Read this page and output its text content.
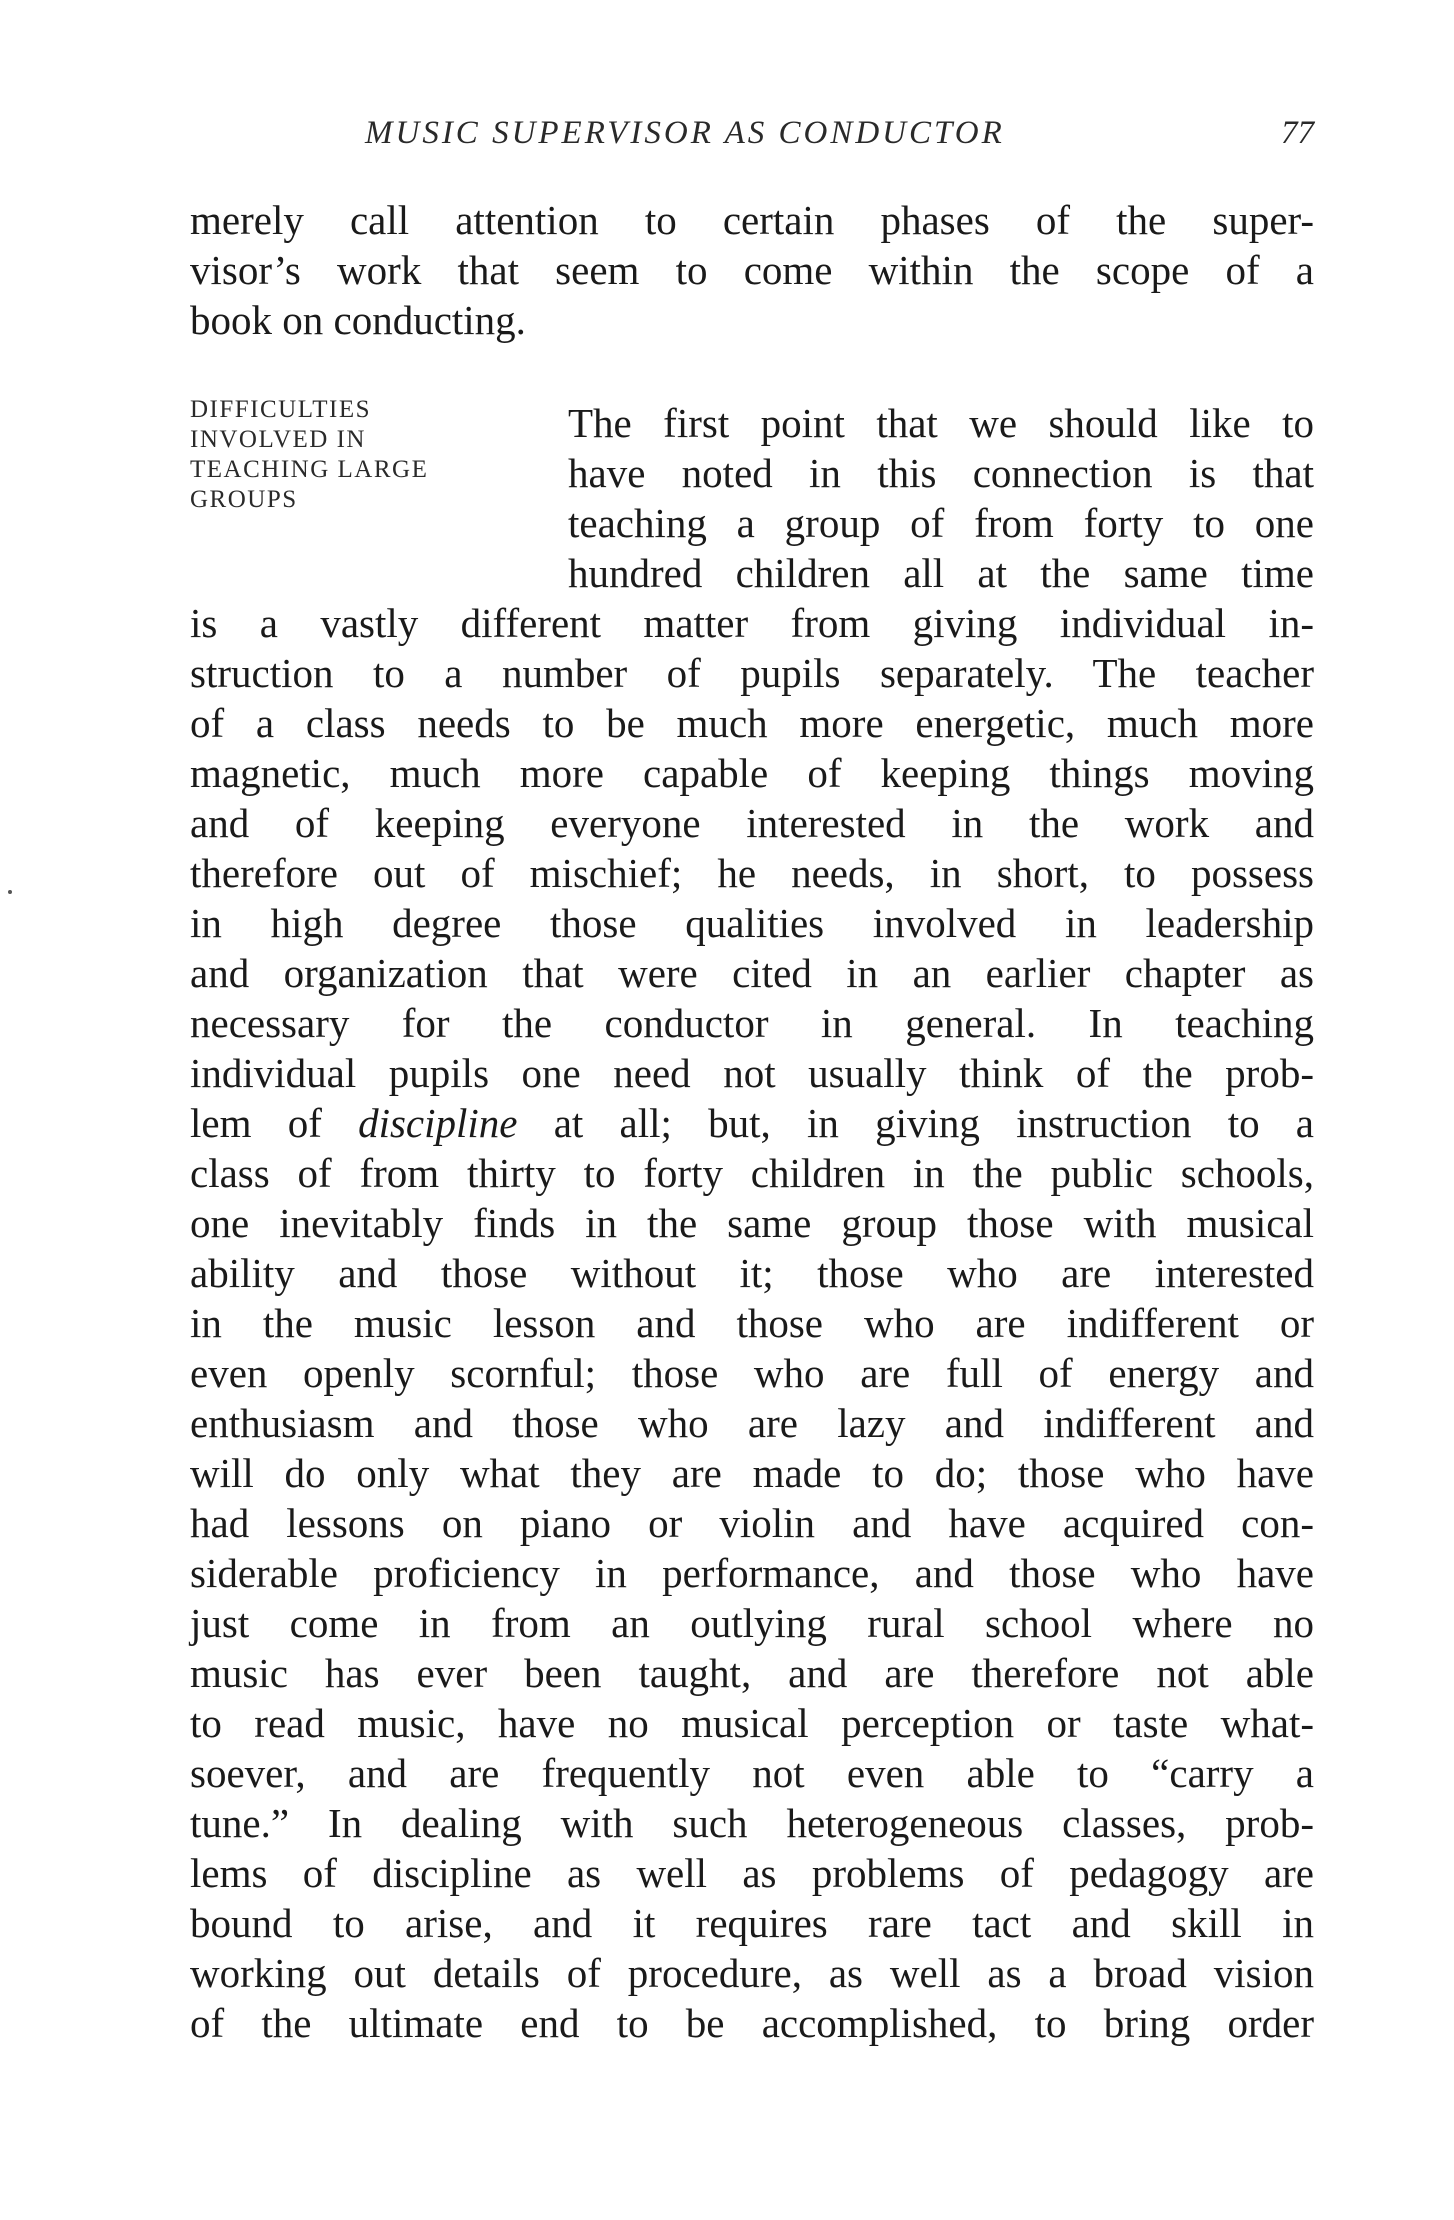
MUSIC SUPERVISOR AS CONDUCTOR	77
merely call attention to certain phases of the super-
visor’s work that seem to come within the scope of a
book on conducting.
DIFFICULTIES
INVOLVED IN
TEACHING LARGE
GROUPS
The first point that we should like to
have noted in this connection is that
teaching a group of from forty to one
hundred children all at the same time
is a vastly different matter from giving individual in-
struction to a number of pupils separately. The teacher
of a class needs to be much more energetic, much more
magnetic, much more capable of keeping things moving
and of keeping everyone interested in the work and
therefore out of mischief; he needs, in short, to possess
in high degree those qualities involved in leadership
and organization that were cited in an earlier chapter as
necessary for the conductor in general. In teaching
individual pupils one need not usually think of the prob-
lem of discipline at all; but, in giving instruction to a
class of from thirty to forty children in the public schools,
one inevitably finds in the same group those with musical
ability and those without it; those who are interested
in the music lesson and those who are indifferent or
even openly scornful; those who are full of energy and
enthusiasm and those who are lazy and indifferent and
will do only what they are made to do; those who have
had lessons on piano or violin and have acquired con-
siderable proficiency in performance, and those who have
just come in from an outlying rural school where no
music has ever been taught, and are therefore not able
to read music, have no musical perception or taste what-
soever, and are frequently not even able to “carry a
tune.” In dealing with such heterogeneous classes, prob-
lems of discipline as well as problems of pedagogy are
bound to arise, and it requires rare tact and skill in
working out details of procedure, as well as a broad vision
of the ultimate end to be accomplished, to bring order
